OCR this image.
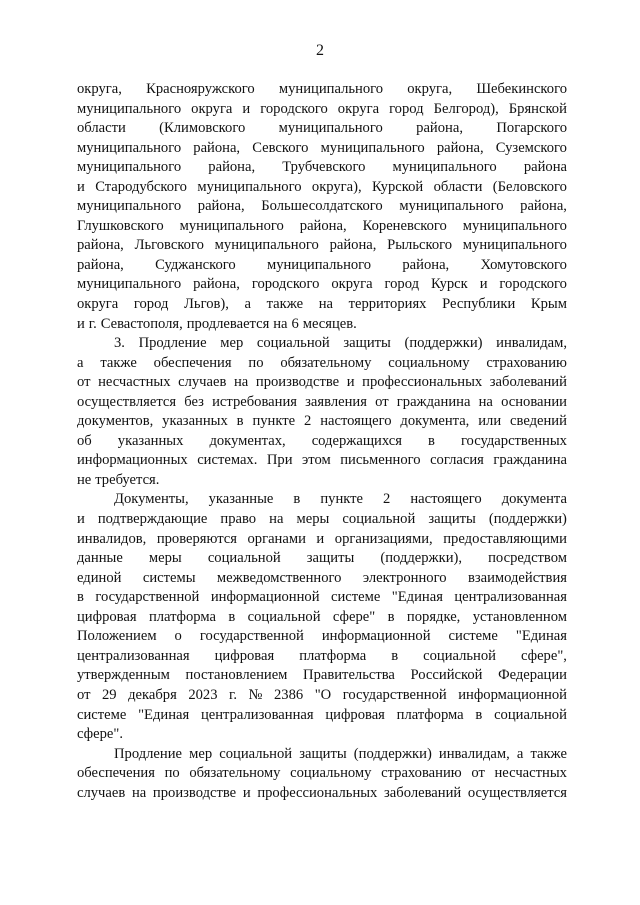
2
округа, Краснояружского муниципального округа, Шебекинского
муниципального округа и городского округа город Белгород), Брянской
области (Климовского муниципального района, Погарского
муниципального района, Севского муниципального района, Суземского
муниципального района, Трубчевского муниципального района
и Стародубского муниципального округа), Курской области (Беловского
муниципального района, Большесолдатского муниципального района,
Глушковского муниципального района, Кореневского муниципального
района, Льговского муниципального района, Рыльского муниципального
района, Суджанского муниципального района, Хомутовского
муниципального района, городского округа город Курск и городского
округа город Льгов), а также на территориях Республики Крым
и г. Севастополя, продлевается на 6 месяцев.
3. Продление мер социальной защиты (поддержки) инвалидам,
а также обеспечения по обязательному социальному страхованию
от несчастных случаев на производстве и профессиональных заболеваний
осуществляется без истребования заявления от гражданина на основании
документов, указанных в пункте 2 настоящего документа, или сведений
об указанных документах, содержащихся в государственных
информационных системах. При этом письменного согласия гражданина
не требуется.
Документы, указанные в пункте 2 настоящего документа
и подтверждающие право на меры социальной защиты (поддержки)
инвалидов, проверяются органами и организациями, предоставляющими
данные меры социальной защиты (поддержки), посредством
единой системы межведомственного электронного взаимодействия
в государственной информационной системе "Единая централизованная
цифровая платформа в социальной сфере" в порядке, установленном
Положением о государственной информационной системе "Единая
централизованная цифровая платформа в социальной сфере",
утвержденным постановлением Правительства Российской Федерации
от 29 декабря 2023 г. № 2386 "О государственной информационной
системе "Единая централизованная цифровая платформа в социальной
сфере".
Продление мер социальной защиты (поддержки) инвалидам, а также
обеспечения по обязательному социальному страхованию от несчастных
случаев на производстве и профессиональных заболеваний осуществляется
